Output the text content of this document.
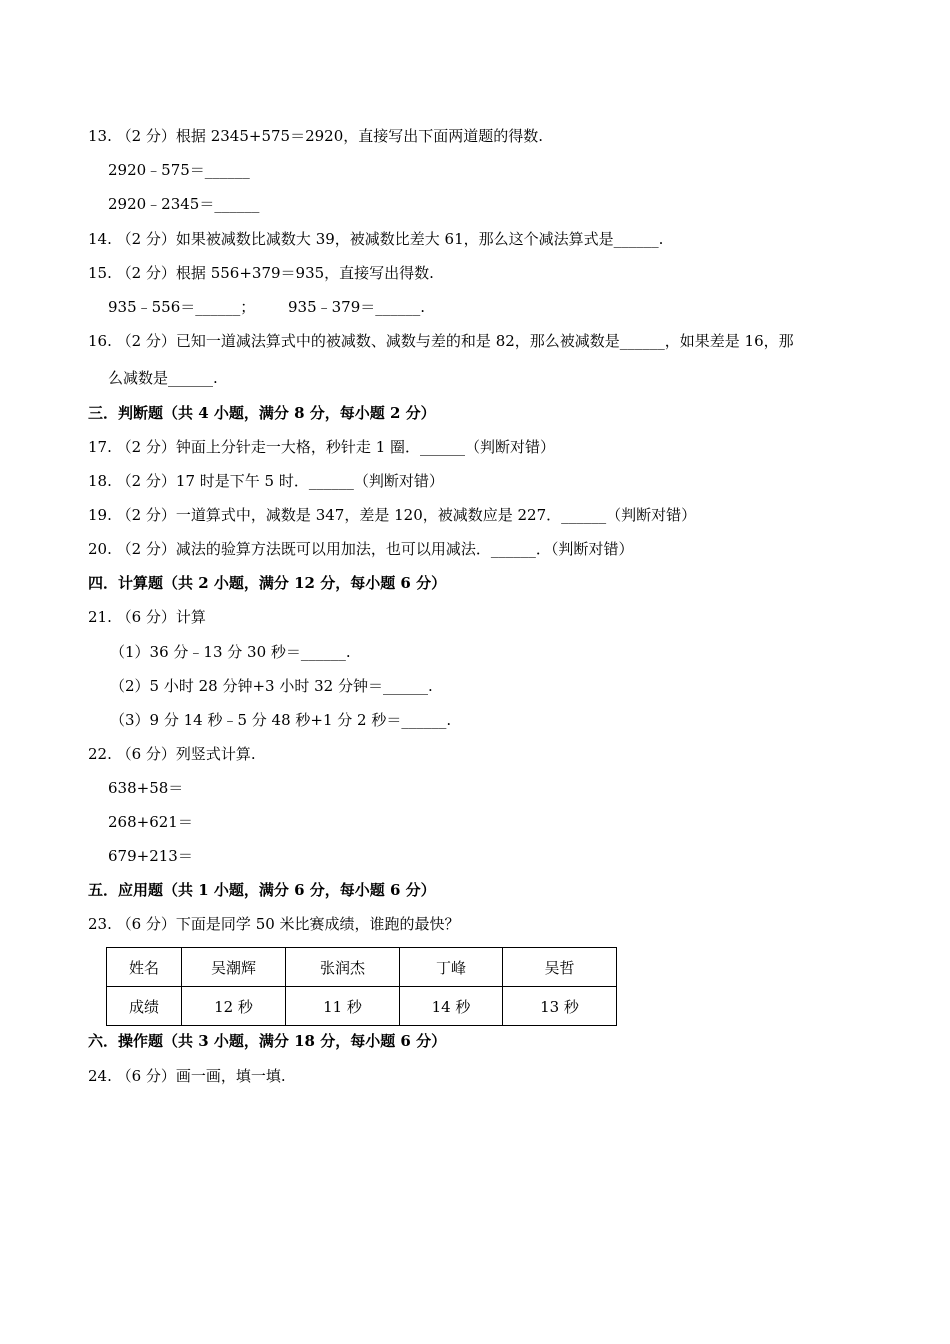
13. （2 分）根据 2345+575＝2920，直接写出下面两道题的得数.
2920﹣575＝______
2920﹣2345＝______
14. （2 分）如果被减数比减数大 39，被减数比差大 61，那么这个减法算式是______.
15. （2 分）根据 556+379＝935，直接写出得数.
935﹣556＝______； 935﹣379＝______.
16. （2 分）已知一道减法算式中的被减数、减数与差的和是 82，那么被减数是______，如果差是 16，那
么减数是______.
三．判断题（共 4 小题，满分 8 分，每小题 2 分）
17. （2 分）钟面上分针走一大格，秒针走 1 圈．______（判断对错）
18. （2 分）17 时是下午 5 时．______（判断对错）
19. （2 分）一道算式中，减数是 347，差是 120，被减数应是 227．______（判断对错）
20. （2 分）减法的验算方法既可以用加法，也可以用减法．______．（判断对错）
四．计算题（共 2 小题，满分 12 分，每小题 6 分）
21. （6 分）计算
（1）36 分﹣13 分 30 秒＝______.
（2）5 小时 28 分钟+3 小时 32 分钟＝______.
（3）9 分 14 秒﹣5 分 48 秒+1 分 2 秒＝______.
22. （6 分）列竖式计算.
638+58＝
268+621＝
679+213＝
五．应用题（共 1 小题，满分 6 分，每小题 6 分）
23. （6 分）下面是同学 50 米比赛成绩，谁跑的最快？
姓名	吴潮辉	张润杰	丁峰	吴哲
成绩	12 秒	11 秒	14 秒	13 秒
六．操作题（共 3 小题，满分 18 分，每小题 6 分）
24. （6 分）画一画，填一填.
